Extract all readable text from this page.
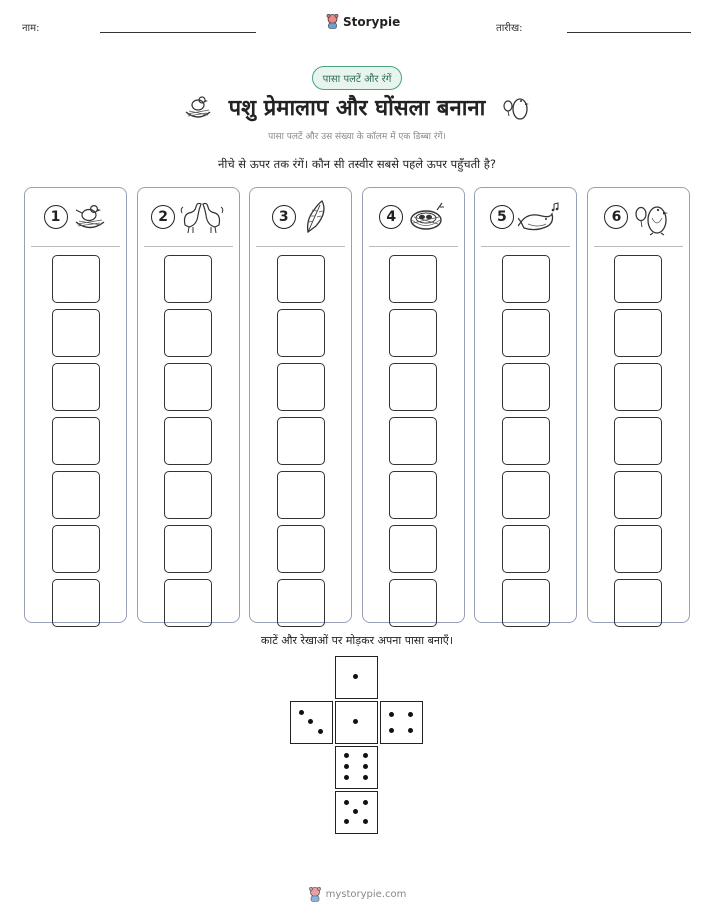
नाम:	Storypie	तारीख:
पासा पलटें और रंगें
पशु प्रेमालाप और घोंसला बनाना
पासा पलटें और उस संख्या के कॉलम में एक डिब्बा रंगें।
नीचे से ऊपर तक रंगें। कौन सी तस्वीर सबसे पहले ऊपर पहुँचती है?
1	2	3	4	5	6
काटें और रेखाओं पर मोड़कर अपना पासा बनाएँ।
mystorypie.com
